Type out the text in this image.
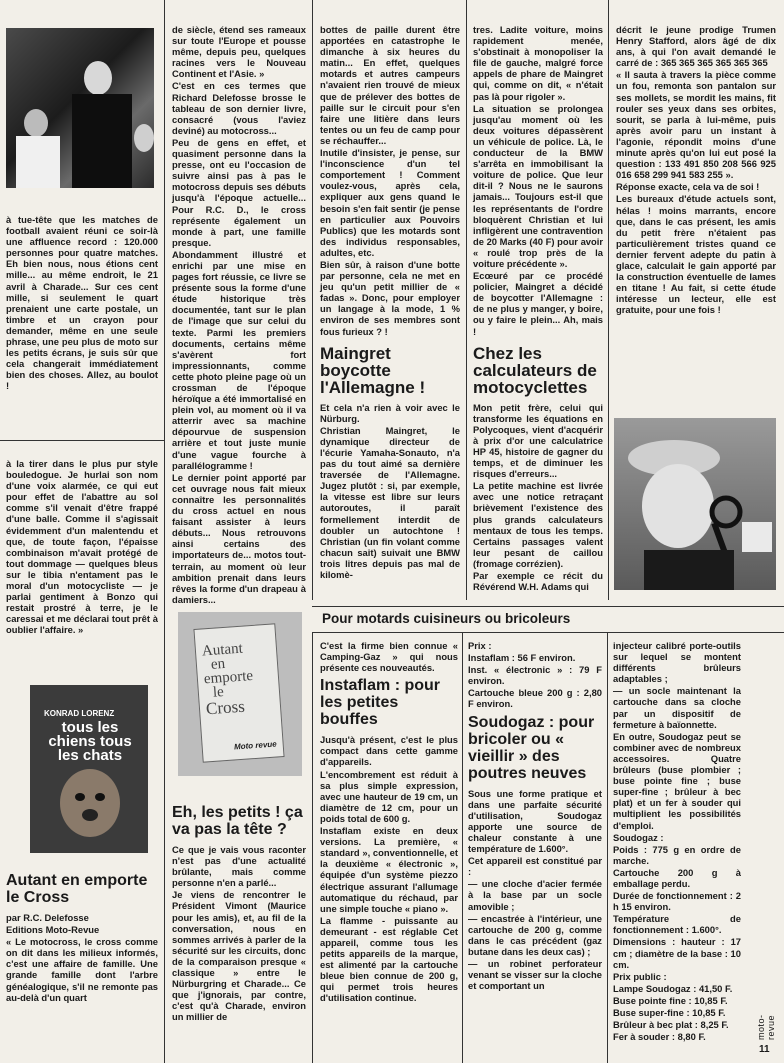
à tue-tête que les matches de football avaient réuni ce soir-là une affluence record : 120.000 personnes pour quatre matches. Eh bien nous, nous étions cent mille... au même endroit, le 21 avril à Charade... Sur ces cent mille, si seulement le quart prenaient une carte postale, un timbre et un crayon pour demander, même en une seule phrase, une peu plus de moto sur les petits écrans, je suis sûr que cela changerait immédiatement bien des choses. Allez, au boulot !

à la tirer dans le plus pur style bouledogue. Je hurlai son nom d'une voix alarmée, ce qui eut pour effet de l'abattre au sol comme s'il venait d'être frappé d'une balle. Comme il s'agissait évidemment d'un malentendu et que, de toute façon, l'épaisse combinaison m'avait protégé de tout dommage — quelques bleus sur le tibia n'entament pas le moral d'un motocycliste — je parlai gentiment à Bonzo qui restait prostré à terre, je le caressai et me déclarai tout prêt à oublier l'affaire. »

KONRAD LORENZ
tous les chiens tous les chats
Autant en emporte le Cross

par R.C. Delefosse

Editions Moto-Revue

« Le motocross, le cross comme on dit dans les milieux informés, c'est une affaire de famille. Une grande famille dont l'arbre généalogique, s'il ne remonte pas au-delà d'un quart

de siècle, étend ses rameaux sur toute l'Europe et pousse même, depuis peu, quelques racines vers le Nouveau Continent et l'Asie. »

C'est en ces termes que Richard Delefosse brosse le tableau de son dernier livre, consacré (vous l'aviez deviné) au motocross...

Peu de gens en effet, et quasiment personne dans la presse, ont eu l'occasion de suivre ainsi pas à pas le motocross depuis ses débuts jusqu'à l'époque actuelle... Pour R.C. D., le cross représente également un monde à part, une famille presque.

Abondamment illustré et enrichi par une mise en pages fort réussie, ce livre se présente sous la forme d'une étude historique très documentée, tant sur le plan de l'image que sur celui du texte. Parmi les premiers documents, certains même s'avèrent fort impressionnants, comme cette photo pleine page où un crossman de l'époque héroïque a été immortalisé en plein vol, au moment où il va atterrir avec sa machine dépourvue de suspension arrière et tout juste munie d'une vague fourche à parallélogramme !

Le dernier point apporté par cet ouvrage nous fait mieux connaître les personnalités du cross actuel en nous faisant assister à leurs débuts... Nous retrouvons ainsi certains des importateurs de... motos tout-terrain, au moment où leur ambition prenait dans leurs rêves la forme d'un drapeau à damiers...

Autant
en
emporte
le
Cross
Moto revue
Eh, les petits ! ça va pas la tête ?

Ce que je vais vous raconter n'est pas d'une actualité brûlante, mais comme personne n'en a parlé...

Je viens de rencontrer le Président Vimont (Maurice pour les amis), et, au fil de la conversation, nous en sommes arrivés à parler de la sécurité sur les circuits, donc de la comparaison presque « classique » entre le Nürburgring et Charade... Ce que j'ignorais, par contre, c'est qu'à Charade, environ un millier de

bottes de paille durent être apportées en catastrophe le dimanche à six heures du matin... En effet, quelques motards et autres campeurs n'avaient rien trouvé de mieux que de prélever des bottes de paille sur le circuit pour s'en faire une litière dans leurs tentes ou un feu de camp pour se réchauffer...

Inutile d'insister, je pense, sur l'inconscience d'un tel comportement ! Comment voulez-vous, après cela, expliquer aux gens quand le besoin s'en fait sentir (je pense en particulier aux Pouvoirs Publics) que les motards sont des individus responsables, adultes, etc.

Bien sûr, à raison d'une botte par personne, cela ne met en jeu qu'un petit millier de « fadas ». Donc, pour employer un langage à la mode, 1 % environ de ses membres sont fous furieux ? !

Maingret boycotte l'Allemagne !

Et cela n'a rien à voir avec le Nürburg.

Christian Maingret, le dynamique directeur de l'écurie Yamaha-Sonauto, n'a pas du tout aimé sa dernière traversée de l'Allemagne. Jugez plutôt : si, par exemple, la vitesse est libre sur leurs autoroutes, il paraît formellement interdit de doubler un autochtone ! Christian (un fin volant comme chacun sait) suivait une BMW trois litres depuis pas mal de kilomè-

tres. Ladite voiture, moins rapidement menée, s'obstinait à monopoliser la file de gauche, malgré force appels de phare de Maingret qui, comme on dit, « n'était pas là pour rigoler ».

La situation se prolongea jusqu'au moment où les deux voitures dépassèrent un véhicule de police. Là, le conducteur de la BMW s'arrêta en immobilisant la voiture de police. Que leur dit-il ? Nous ne le saurons jamais... Toujours est-il que les représentants de l'ordre bloquèrent Christian et lui infligèrent une contravention de 20 Marks (40 F) pour avoir « roulé trop près de la voiture précédente ».

Ecœuré par ce procédé policier, Maingret a décidé de boycotter l'Allemagne : de ne plus y manger, y boire, ou y faire le plein... Ah, mais !

Chez les calculateurs de motocyclettes

Mon petit frère, celui qui transforme les équations en Polycoques, vient d'acquérir à prix d'or une calculatrice HP 45, histoire de gagner du temps, et de diminuer les risques d'erreurs...

La petite machine est livrée avec une notice retraçant brièvement l'existence des plus grands calculateurs mentaux de tous les temps. Certains passages valent leur pesant de caillou (fromage corrézien).

Par exemple ce récit du Révérend W.H. Adams qui

décrit le jeune prodige Trumen Henry Stafford, alors âgé de dix ans, à qui l'on avait demandé le carré de : 365 365 365 365 365 365

« Il sauta à travers la pièce comme un fou, remonta son pantalon sur ses mollets, se mordit les mains, fit rouler ses yeux dans ses orbites, sourit, se parla à lui-même, puis après avoir paru un instant à l'agonie, répondit moins d'une minute après qu'on lui eut posé la question : 133 491 850 208 566 925 016 658 299 941 583 255 ».

Réponse exacte, cela va de soi !

Les bureaux d'étude actuels sont, hélas ! moins marrants, encore que, dans le cas présent, les amis du petit frère n'étaient pas particulièrement tristes quand ce dernier fervent adepte du patin à glace, calculait le gain apporté par la construction éventuelle de lames en titane ! Au fait, si cette étude intéresse un lecteur, elle est gratuite, pour une fois !

Pour motards cuisineurs ou bricoleurs

C'est la firme bien connue « Camping-Gaz » qui nous présente ces nouveautés.

Instaflam : pour les petites bouffes

Jusqu'à présent, c'est le plus compact dans cette gamme d'appareils.

L'encombrement est réduit à sa plus simple expression, avec une hauteur de 19 cm, un diamètre de 12 cm, pour un poids total de 600 g.

Instaflam existe en deux versions. La première, « standard », conventionnelle, et la deuxième « électronic », équipée d'un système piezzo électrique assurant l'allumage automatique du réchaud, par une simple touche « piano ».

La flamme - puissante au demeurant - est réglable Cet appareil, comme tous les petits appareils de la marque, est alimenté par la cartouche bleue bien connue de 200 g, qui permet trois heures d'utilisation continue.

Prix :

Instaflam : 56 F environ.

Inst. « électronic » : 79 F environ.

Cartouche bleue 200 g : 2,80 F environ.

Soudogaz : pour bricoler ou « vieillir » des poutres neuves

Sous une forme pratique et dans une parfaite sécurité d'utilisation, Soudogaz apporte une source de chaleur constante à une température de 1.600°.

Cet appareil est constitué par :

— une cloche d'acier fermée à la base par un socle amovible ;

— encastrée à l'intérieur, une cartouche de 200 g, comme dans le cas précédent (gaz butane dans les deux cas) ;

— un robinet perforateur venant se visser sur la cloche et comportant un

injecteur calibré porte-outils sur lequel se montent différents brûleurs adaptables ;

— un socle maintenant la cartouche dans sa cloche par un dispositif de fermeture à baïonnette.

En outre, Soudogaz peut se combiner avec de nombreux accessoires. Quatre brûleurs (buse plombier ; buse pointe fine ; buse super-fine ; brûleur à bec plat) et un fer à souder qui multiplient les possibilités d'emploi.

Soudogaz :

Poids : 775 g en ordre de marche.

Cartouche 200 g à emballage perdu.

Durée de fonctionnement : 2 h 15 environ.

Température de fonctionnement : 1.600°.

Dimensions : hauteur : 17 cm ; diamètre de la base : 10 cm.

Prix public :

Lampe Soudogaz : 41,50 F.

Buse pointe fine : 10,85 F.

Buse super-fine : 10,85 F.

Brûleur à bec plat : 8,25 F.

Fer à souder : 8,80 F.	moto-revue
11
